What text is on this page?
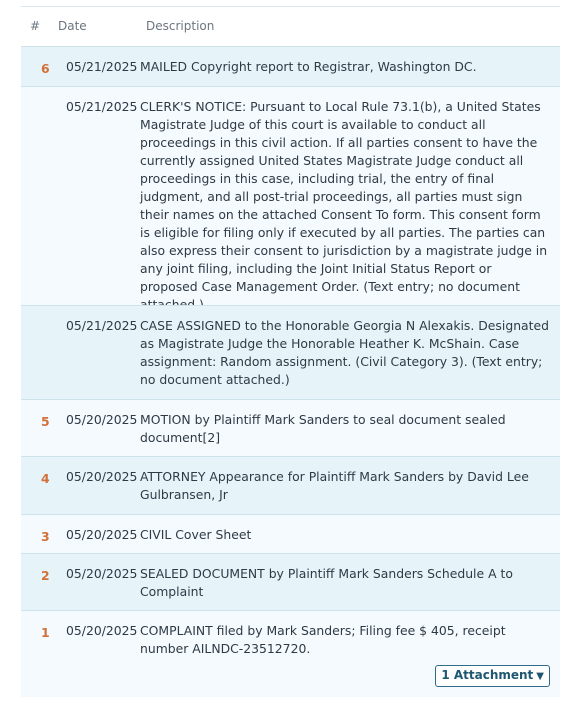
# Date	Description
6 05/21/2025 MAILED Copyright report to Registrar, Washington DC.
05/21/2025 CLERK'S NOTICE: Pursuant to Local Rule 73.1(b), a United States Magistrate Judge of this court is available to conduct all proceedings in this civil action. If all parties consent to have the currently assigned United States Magistrate Judge conduct all proceedings in this case, including trial, the entry of final judgment, and all post-trial proceedings, all parties must sign their names on the attached Consent To form. This consent form is eligible for filing only if executed by all parties. The parties can also express their consent to jurisdiction by a magistrate judge in any joint filing, including the Joint Initial Status Report or proposed Case Management Order. (Text entry; no document
05/21/2025 CASE ASSIGNED to the Honorable Georgia N Alexakis. Designated as Magistrate Judge the Honorable Heather K. McShain. Case assignment: Random assignment. (Civil Category 3). (Text entry; no document attached.)
5 05/20/2025 MOTION by Plaintiff Mark Sanders to seal document sealed document[2]
4 05/20/2025 ATTORNEY Appearance for Plaintiff Mark Sanders by David Lee Gulbransen, Jr
3 05/20/2025 CIVIL Cover Sheet
2 05/20/2025 SEALED DOCUMENT by Plaintiff Mark Sanders Schedule A to Complaint
1 05/20/2025 COMPLAINT filed by Mark Sanders; Filing fee $ 405, receipt number AILNDC-23512720.
1 Attachment ▼
